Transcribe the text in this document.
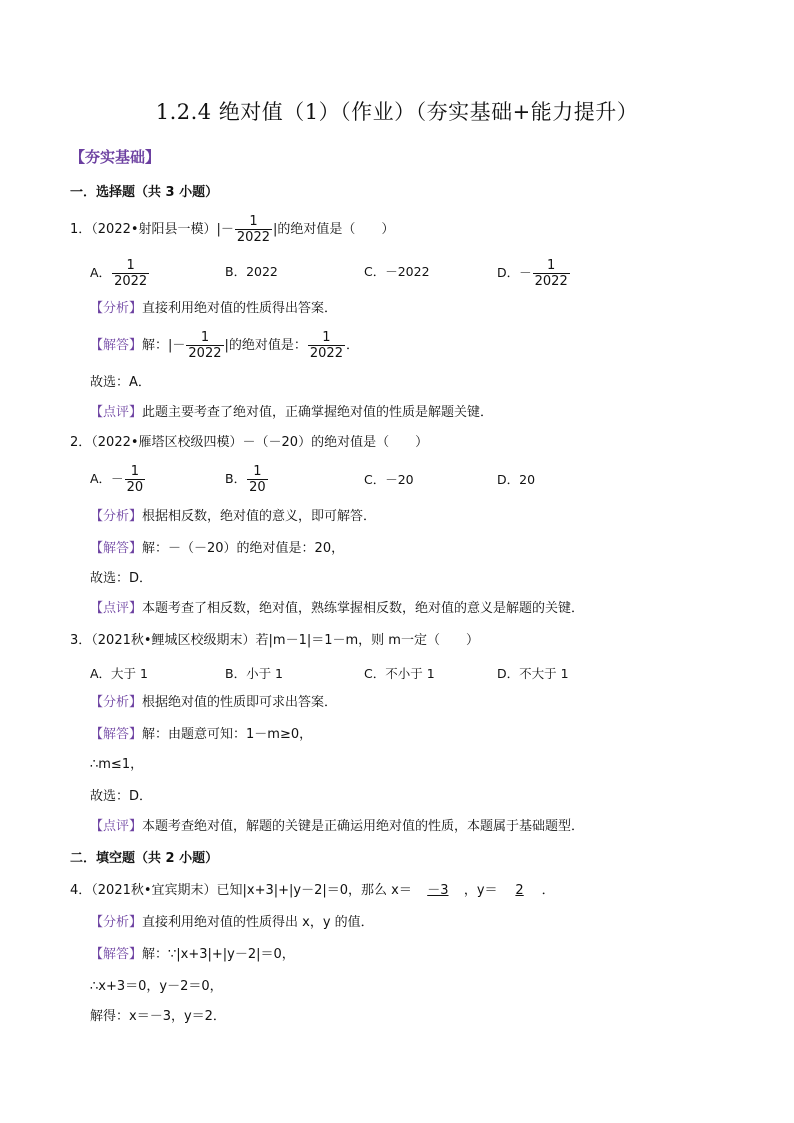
1.2.4 绝对值（1）（作业）（夯实基础+能力提升）
【夯实基础】
一．选择题（共 3 小题）
1．（2022•射阳县一模）|－ $\frac{1}{2022}$ |的绝对值是（　　）
A． $\frac{1}{2022}$	B．2022	C．－2022	D．－ $\frac{1}{2022}$
【分析】直接利用绝对值的性质得出答案．
【解答】解：|－ $\frac{1}{2022}$ |的绝对值是： $\frac{1}{2022}$ ．
故选：A．
【点评】此题主要考查了绝对值，正确掌握绝对值的性质是解题关键．
2．（2022•雁塔区校级四模）－（－20）的绝对值是（　　）
A．－ $\frac{1}{20}$	B． $\frac{1}{20}$	C．－20	D．20
【分析】根据相反数，绝对值的意义，即可解答．
【解答】解：－（－20）的绝对值是：20，
故选：D．
【点评】本题考查了相反数，绝对值，熟练掌握相反数，绝对值的意义是解题的关键．
3．（2021秋•鲤城区校级期末）若|m－1|＝1－m，则 m一定（　　）
A．大于 1	B．小于 1	C．不小于 1	D．不大于 1
【分析】根据绝对值的性质即可求出答案．
【解答】解：由题意可知：1－m≥0，
∴m≤1，
故选：D．
【点评】本题考查绝对值，解题的关键是正确运用绝对值的性质，本题属于基础题型．
二．填空题（共 2 小题）
4．（2021秋•宜宾期末）已知|x+3|+|y－2|＝0，那么 x＝ －3 ，y＝ 2 ．
【分析】直接利用绝对值的性质得出 x，y 的值．
【解答】解：∵|x+3|+|y－2|＝0，
∴x+3＝0，y－2＝0，
解得：x＝－3，y＝2．
